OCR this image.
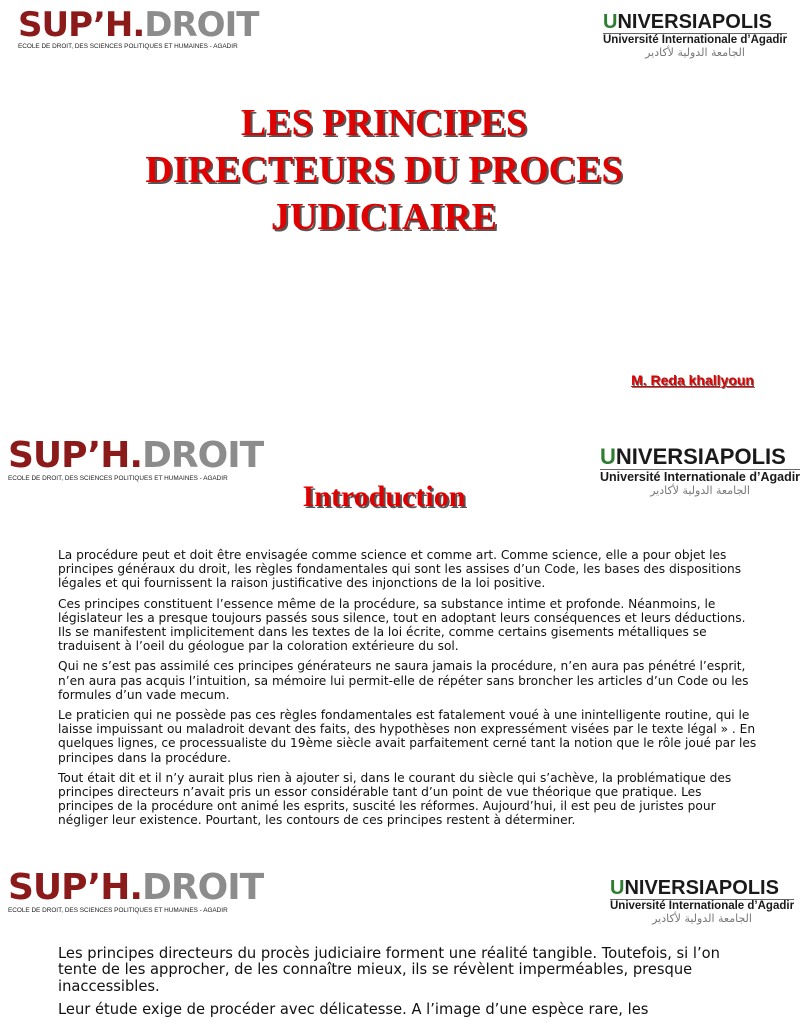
SUP’H.DROIT
ECOLE DE DROIT, DES SCIENCES POLITIQUES ET HUMAINES - AGADIR
UNIVERSIAPOLIS
Université Internationale d’Agadir
الجامعة الدولية لأكادير
LES PRINCIPES
DIRECTEURS DU PROCES
JUDICIAIRE
M. Reda khallyoun
SUP’H.DROIT
ECOLE DE DROIT, DES SCIENCES POLITIQUES ET HUMAINES - AGADIR
UNIVERSIAPOLIS
Université Internationale d’Agadir
الجامعة الدولية لأكادير
Introduction

La procédure peut et doit être envisagée comme science et comme art. Comme science, elle a pour objet les principes généraux du droit, les règles fondamentales qui sont les assises d’un Code, les bases des dispositions légales et qui fournissent la raison justificative des injonctions de la loi positive.

Ces principes constituent l’essence même de la procédure, sa substance intime et profonde. Néanmoins, le législateur les a presque toujours passés sous silence, tout en adoptant leurs conséquences et leurs déductions. Ils se manifestent implicitement dans les textes de la loi écrite, comme certains gisements métalliques se traduisent à l’oeil du géologue par la coloration extérieure du sol.

Qui ne s’est pas assimilé ces principes générateurs ne saura jamais la procédure, n’en aura pas pénétré l’esprit, n’en aura pas acquis l’intuition, sa mémoire lui permit-elle de répéter sans broncher les articles d’un Code ou les formules d’un vade mecum.

Le praticien qui ne possède pas ces règles fondamentales est fatalement voué à une inintelligente routine, qui le laisse impuissant ou maladroit devant des faits, des hypothèses non expressément visées par le texte légal » . En quelques lignes, ce processualiste du 19ème siècle avait parfaitement cerné tant la notion que le rôle joué par les principes dans la procédure.

Tout était dit et il n’y aurait plus rien à ajouter si, dans le courant du siècle qui s’achève, la problématique des principes directeurs n’avait pris un essor considérable tant d’un point de vue théorique que pratique. Les principes de la procédure ont animé les esprits, suscité les réformes. Aujourd’hui, il est peu de juristes pour négliger leur existence. Pourtant, les contours de ces principes restent à déterminer.

SUP’H.DROIT
ECOLE DE DROIT, DES SCIENCES POLITIQUES ET HUMAINES - AGADIR
UNIVERSIAPOLIS
Université Internationale d’Agadir
الجامعة الدولية لأكادير

Les principes directeurs du procès judiciaire forment une réalité tangible. Toutefois, si l’on tente de les approcher, de les connaître mieux, ils se révèlent imperméables, presque inaccessibles.

Leur étude exige de procéder avec délicatesse. A l’image d’une espèce rare, les
